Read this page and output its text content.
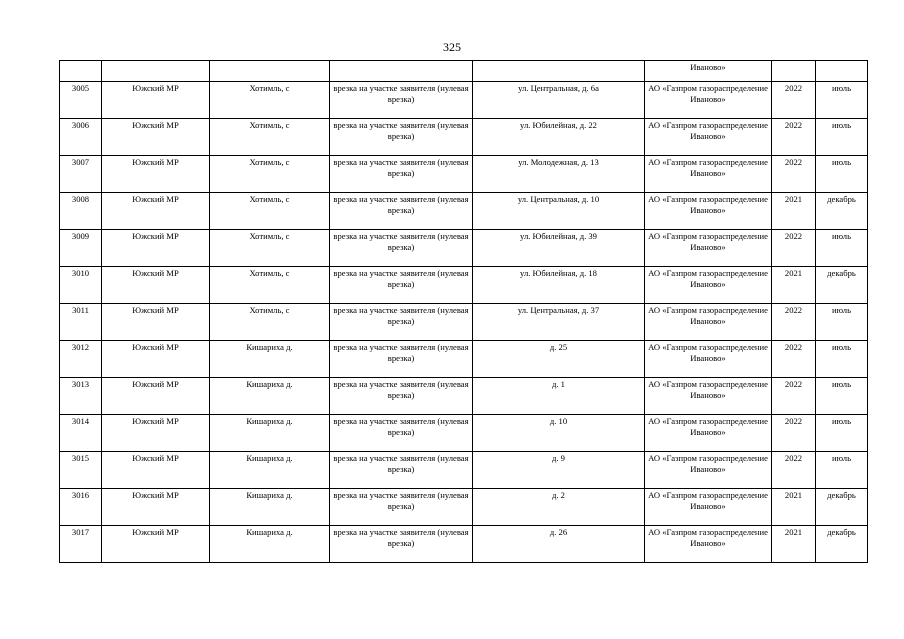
325
					Иваново»		
3005	Южский МР	Хотимль, с	врезка на участке заявителя (нулевая врезка)	ул. Центральная, д. 6а	АО «Газпром газораспределение Иваново»	2022	июль
3006	Южский МР	Хотимль, с	врезка на участке заявителя (нулевая врезка)	ул. Юбилейная, д. 22	АО «Газпром газораспределение Иваново»	2022	июль
3007	Южский МР	Хотимль, с	врезка на участке заявителя (нулевая врезка)	ул. Молодежная, д. 13	АО «Газпром газораспределение Иваново»	2022	июль
3008	Южский МР	Хотимль, с	врезка на участке заявителя (нулевая врезка)	ул. Центральная, д. 10	АО «Газпром газораспределение Иваново»	2021	декабрь
3009	Южский МР	Хотимль, с	врезка на участке заявителя (нулевая врезка)	ул. Юбилейная, д. 39	АО «Газпром газораспределение Иваново»	2022	июль
3010	Южский МР	Хотимль, с	врезка на участке заявителя (нулевая врезка)	ул. Юбилейная, д. 18	АО «Газпром газораспределение Иваново»	2021	декабрь
3011	Южский МР	Хотимль, с	врезка на участке заявителя (нулевая врезка)	ул. Центральная, д. 37	АО «Газпром газораспределение Иваново»	2022	июль
3012	Южский МР	Кишариха д.	врезка на участке заявителя (нулевая врезка)	д. 25	АО «Газпром газораспределение Иваново»	2022	июль
3013	Южский МР	Кишариха д.	врезка на участке заявителя (нулевая врезка)	д. 1	АО «Газпром газораспределение Иваново»	2022	июль
3014	Южский МР	Кишариха д.	врезка на участке заявителя (нулевая врезка)	д. 10	АО «Газпром газораспределение Иваново»	2022	июль
3015	Южский МР	Кишариха д.	врезка на участке заявителя (нулевая врезка)	д. 9	АО «Газпром газораспределение Иваново»	2022	июль
3016	Южский МР	Кишариха д.	врезка на участке заявителя (нулевая врезка)	д. 2	АО «Газпром газораспределение Иваново»	2021	декабрь
3017	Южский МР	Кишариха д.	врезка на участке заявителя (нулевая врезка)	д. 26	АО «Газпром газораспределение Иваново»	2021	декабрь
